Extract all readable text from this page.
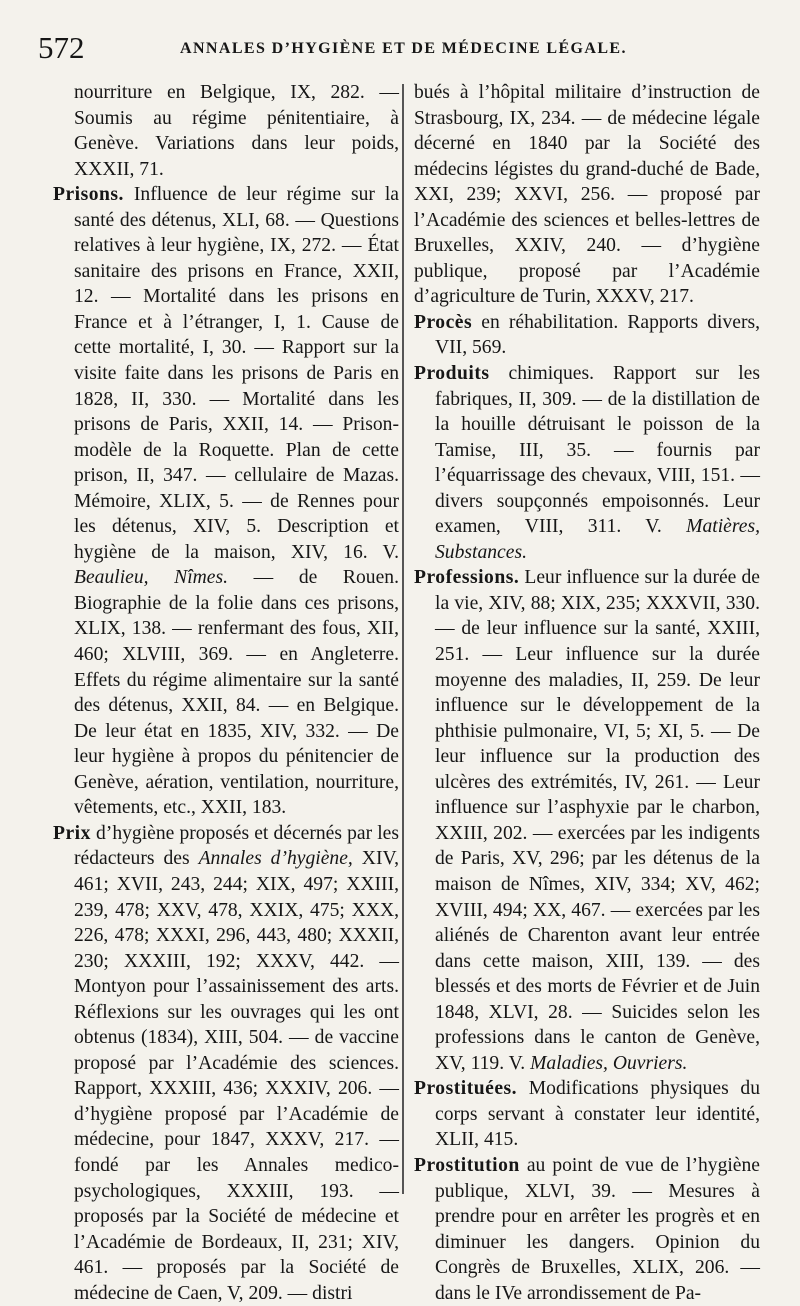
572	ANNALES D’HYGIÈNE ET DE MÉDECINE LÉGALE.

nourriture en Belgique, IX, 282. — Soumis au régime pénitentiaire, à Genève. Variations dans leur poids, XXXII, 71.

Prisons. Influence de leur régime sur la santé des détenus, XLI, 68. — Questions relatives à leur hygiène, IX, 272. — État sanitaire des prisons en France, XXII, 12. — Mortalité dans les prisons en France et à l’étranger, I, 1. Cause de cette mortalité, I, 30. — Rapport sur la visite faite dans les prisons de Paris en 1828, II, 330. — Mortalité dans les prisons de Paris, XXII, 14. — Prison-modèle de la Roquette. Plan de cette prison, II, 347. — cellulaire de Mazas. Mémoire, XLIX, 5. — de Rennes pour les détenus, XIV, 5. Description et hygiène de la maison, XIV, 16. V. Beaulieu, Nîmes. — de Rouen. Biographie de la folie dans ces prisons, XLIX, 138. — renfermant des fous, XII, 460; XLVIII, 369. — en Angleterre. Effets du régime alimentaire sur la santé des détenus, XXII, 84. — en Belgique. De leur état en 1835, XIV, 332. — De leur hygiène à propos du pénitencier de Genève, aération, ventilation, nourriture, vêtements, etc., XXII, 183.

Prix d’hygiène proposés et décernés par les rédacteurs des Annales d’hygiène, XIV, 461; XVII, 243, 244; XIX, 497; XXIII, 239, 478; XXV, 478, XXIX, 475; XXX, 226, 478; XXXI, 296, 443, 480; XXXII, 230; XXXIII, 192; XXXV, 442. — Montyon pour l’assainissement des arts. Réflexions sur les ouvrages qui les ont obtenus (1834), XIII, 504. — de vaccine proposé par l’Académie des sciences. Rapport, XXXIII, 436; XXXIV, 206. — d’hygiène proposé par l’Académie de médecine, pour 1847, XXXV, 217. — fondé par les Annales medico-psychologiques, XXXIII, 193. — proposés par la Société de médecine et l’Académie de Bordeaux, II, 231; XIV, 461. — proposés par la Société de médecine de Caen, V, 209. — distri

bués à l’hôpital militaire d’instruction de Strasbourg, IX, 234. — de médecine légale décerné en 1840 par la Société des médecins légistes du grand-duché de Bade, XXI, 239; XXVI, 256. — proposé par l’Académie des sciences et belles-lettres de Bruxelles, XXIV, 240. — d’hygiène publique, proposé par l’Académie d’agriculture de Turin, XXXV, 217.

Procès en réhabilitation. Rapports divers, VII, 569.

Produits chimiques. Rapport sur les fabriques, II, 309. — de la distillation de la houille détruisant le poisson de la Tamise, III, 35. — fournis par l’équarrissage des chevaux, VIII, 151. — divers soupçonnés empoisonnés. Leur examen, VIII, 311. V. Matières, Substances.

Professions. Leur influence sur la durée de la vie, XIV, 88; XIX, 235; XXXVII, 330. — de leur influence sur la santé, XXIII, 251. — Leur influence sur la durée moyenne des maladies, II, 259. De leur influence sur le développement de la phthisie pulmonaire, VI, 5; XI, 5. — De leur influence sur la production des ulcères des extrémités, IV, 261. — Leur influence sur l’asphyxie par le charbon, XXIII, 202. — exercées par les indigents de Paris, XV, 296; par les détenus de la maison de Nîmes, XIV, 334; XV, 462; XVIII, 494; XX, 467. — exercées par les aliénés de Charenton avant leur entrée dans cette maison, XIII, 139. — des blessés et des morts de Février et de Juin 1848, XLVI, 28. — Suicides selon les professions dans le canton de Genève, XV, 119. V. Maladies, Ouvriers.

Prostituées. Modifications physiques du corps servant à constater leur identité, XLII, 415.

Prostitution au point de vue de l’hygiène publique, XLVI, 39. — Mesures à prendre pour en arrêter les progrès et en diminuer les dangers. Opinion du Congrès de Bruxelles, XLIX, 206. — dans le IVe arrondissement de Pa-
